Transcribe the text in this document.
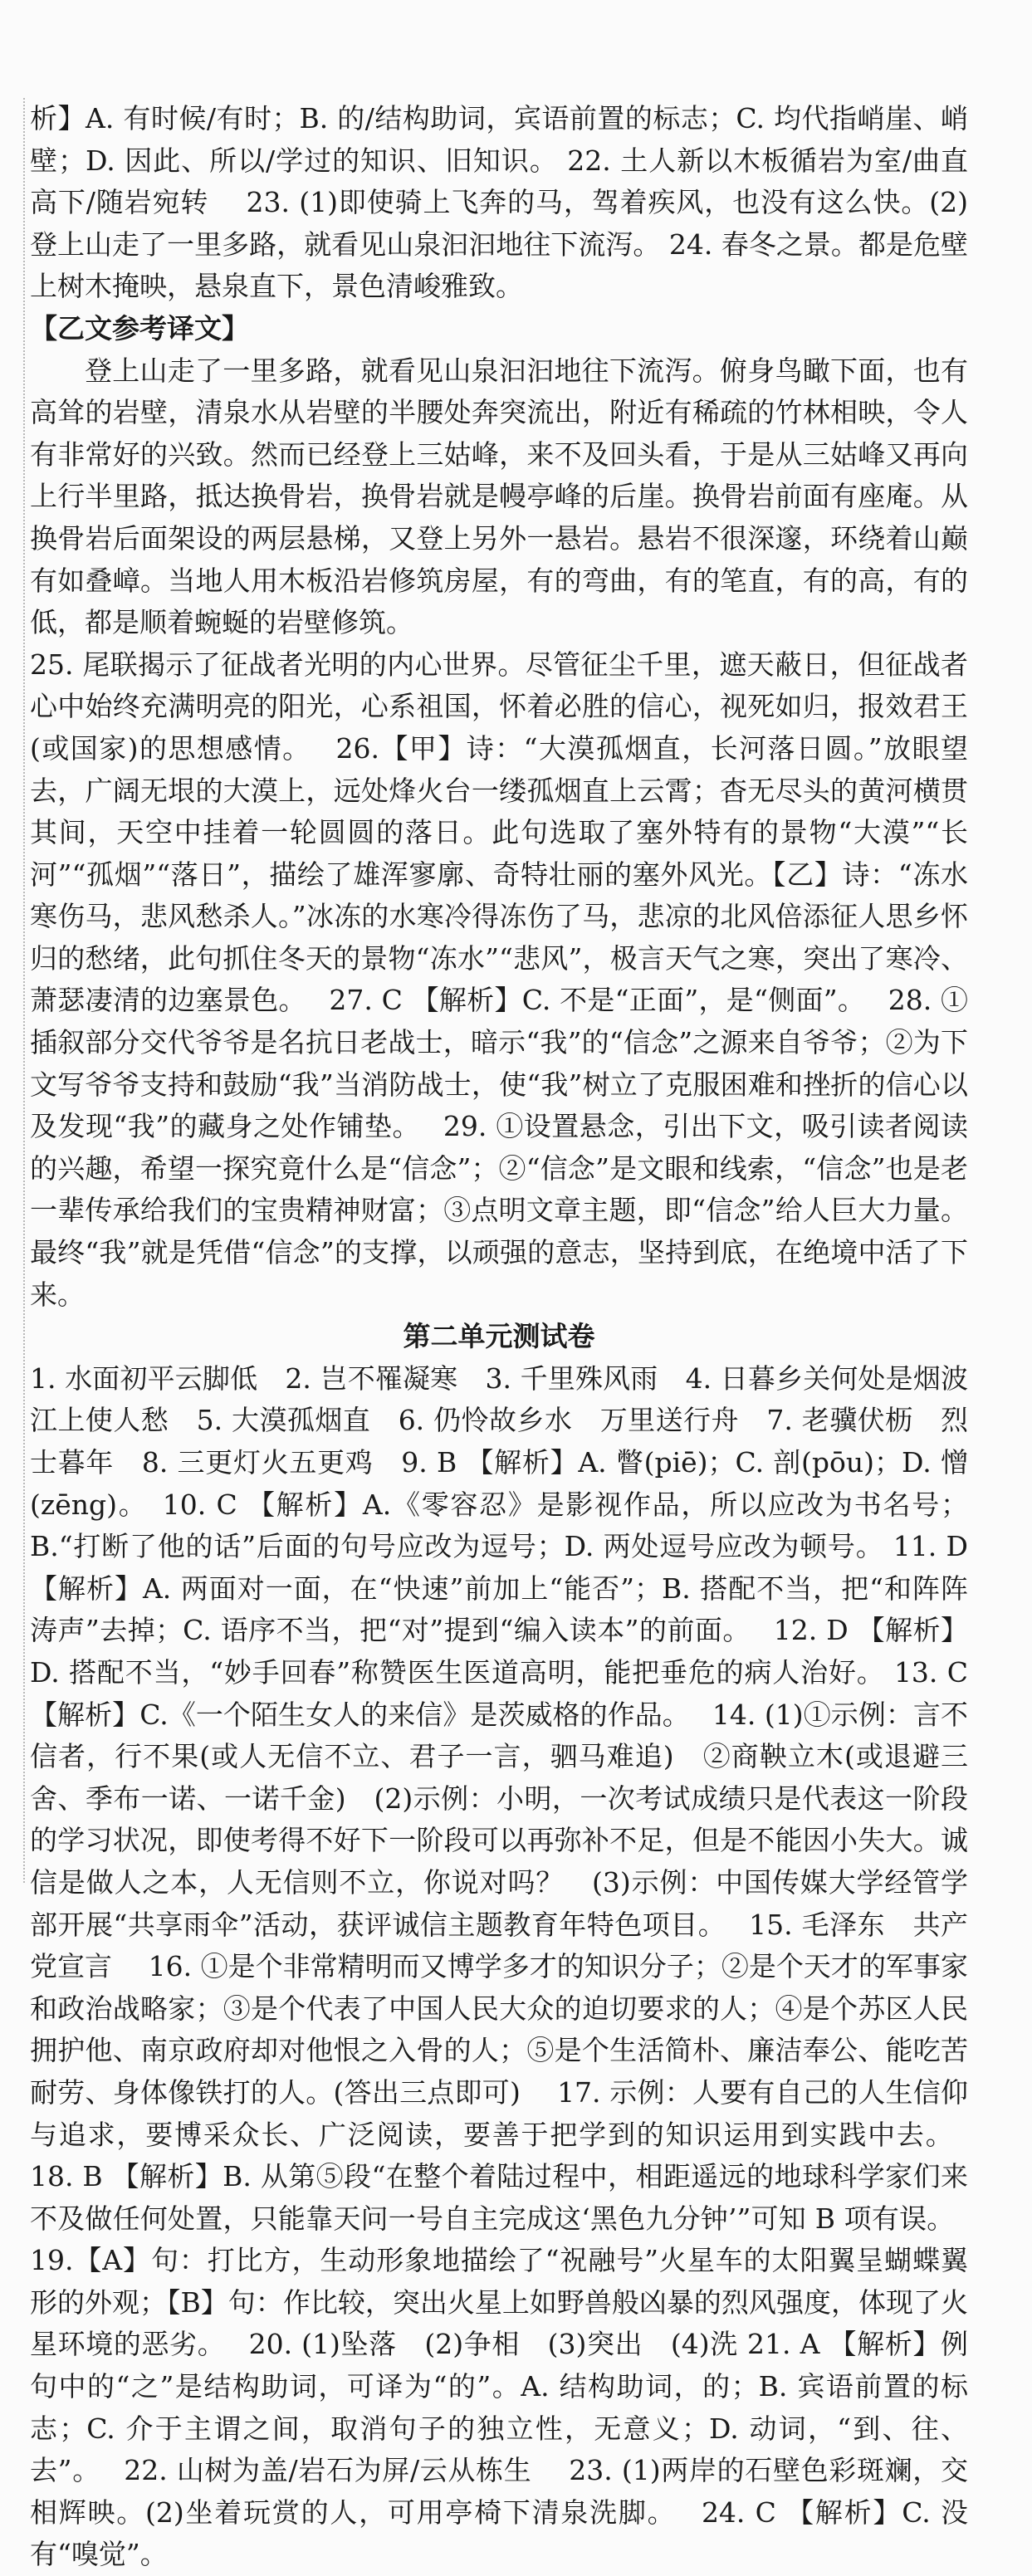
析】A. 有时候/有时；B. 的/结构助词，宾语前置的标志；C. 均代指峭崖、峭壁；D. 因此、所以/学过的知识、旧知识。 22. 土人新以木板循岩为室/曲直高下/随岩宛转　 23. (1)即使骑上飞奔的马，驾着疾风，也没有这么快。(2)登上山走了一里多路，就看见山泉汩汩地往下流泻。 24. 春冬之景。都是危壁上树木掩映，悬泉直下，景色清峻雅致。

【乙文参考译文】

登上山走了一里多路，就看见山泉汩汩地往下流泻。俯身鸟瞰下面，也有高耸的岩壁，清泉水从岩壁的半腰处奔突流出，附近有稀疏的竹林相映，令人有非常好的兴致。然而已经登上三姑峰，来不及回头看，于是从三姑峰又再向上行半里路，抵达换骨岩，换骨岩就是幔亭峰的后崖。换骨岩前面有座庵。从换骨岩后面架设的两层悬梯，又登上另外一悬岩。悬岩不很深邃，环绕着山巅有如叠嶂。当地人用木板沿岩修筑房屋，有的弯曲，有的笔直，有的高，有的低，都是顺着蜿蜒的岩壁修筑。

25. 尾联揭示了征战者光明的内心世界。尽管征尘千里，遮天蔽日，但征战者心中始终充满明亮的阳光，心系祖国，怀着必胜的信心，视死如归，报效君王(或国家)的思想感情。　 26.【甲】诗：“大漠孤烟直，长河落日圆。”放眼望去，广阔无垠的大漠上，远处烽火台一缕孤烟直上云霄；杳无尽头的黄河横贯其间，天空中挂着一轮圆圆的落日。此句选取了塞外特有的景物“大漠”“长河”“孤烟”“落日”，描绘了雄浑寥廓、奇特壮丽的塞外风光。【乙】诗：“冻水寒伤马，悲风愁杀人。”冰冻的水寒冷得冻伤了马，悲凉的北风倍添征人思乡怀归的愁绪，此句抓住冬天的景物“冻水”“悲风”，极言天气之寒，突出了寒冷、萧瑟凄清的边塞景色。　 27. C 【解析】C. 不是“正面”，是“侧面”。　 28. ①插叙部分交代爷爷是名抗日老战士，暗示“我”的“信念”之源来自爷爷；②为下文写爷爷支持和鼓励“我”当消防战士，使“我”树立了克服困难和挫折的信心以及发现“我”的藏身之处作铺垫。　 29. ①设置悬念，引出下文，吸引读者阅读的兴趣，希望一探究竟什么是“信念”；②“信念”是文眼和线索，“信念”也是老一辈传承给我们的宝贵精神财富；③点明文章主题，即“信念”给人巨大力量。最终“我”就是凭借“信念”的支撑，以顽强的意志，坚持到底，在绝境中活了下来。

第二单元测试卷

1. 水面初平云脚低　2. 岂不罹凝寒　3. 千里殊风雨　4. 日暮乡关何处是烟波江上使人愁　5. 大漠孤烟直　6. 仍怜故乡水　万里送行舟　7. 老骥伏枥　烈士暮年　8. 三更灯火五更鸡　9. B 【解析】A. 瞥(piē)；C. 剖(pōu)；D. 憎(zēng)。　10. C 【解析】A.《零容忍》是影视作品，所以应改为书名号；B.“打断了他的话”后面的句号应改为逗号；D. 两处逗号应改为顿号。 11. D 【解析】A. 两面对一面，在“快速”前加上“能否”；B. 搭配不当，把“和阵阵涛声”去掉；C. 语序不当，把“对”提到“编入读本”的前面。　 12. D 【解析】D. 搭配不当，“妙手回春”称赞医生医道高明，能把垂危的病人治好。 13. C 【解析】C.《一个陌生女人的来信》是茨威格的作品。　 14. (1)①示例：言不信者，行不果(或人无信不立、君子一言，驷马难追)　②商鞅立木(或退避三舍、季布一诺、一诺千金)　(2)示例：小明，一次考试成绩只是代表这一阶段的学习状况，即使考得不好下一阶段可以再弥补不足，但是不能因小失大。诚信是做人之本，人无信则不立，你说对吗？　(3)示例：中国传媒大学经管学部开展“共享雨伞”活动，获评诚信主题教育年特色项目。　 15. 毛泽东　共产党宣言　 16. ①是个非常精明而又博学多才的知识分子；②是个天才的军事家和政治战略家；③是个代表了中国人民大众的迫切要求的人；④是个苏区人民拥护他、南京政府却对他恨之入骨的人；⑤是个生活简朴、廉洁奉公、能吃苦耐劳、身体像铁打的人。(答出三点即可)　 17. 示例：人要有自己的人生信仰与追求，要博采众长、广泛阅读，要善于把学到的知识运用到实践中去。　 18. B 【解析】B. 从第⑤段“在整个着陆过程中，相距遥远的地球科学家们来不及做任何处置，只能靠天问一号自主完成这‘黑色九分钟’”可知 B 项有误。　 19.【A】句：打比方，生动形象地描绘了“祝融号”火星车的太阳翼呈蝴蝶翼形的外观；【B】句：作比较，突出火星上如野兽般凶暴的烈风强度，体现了火星环境的恶劣。　 20. (1)坠落　(2)争相　(3)突出　(4)洗 21. A 【解析】例句中的“之”是结构助词，可译为“的”。A. 结构助词，的；B. 宾语前置的标志；C. 介于主谓之间，取消句子的独立性，无意义；D. 动词，“到、往、去”。　 22. 山树为盖/岩石为屏/云从栋生　 23. (1)两岸的石壁色彩斑斓，交相辉映。(2)坐着玩赏的人，可用亭椅下清泉洗脚。　 24. C 【解析】C. 没有“嗅觉”。
